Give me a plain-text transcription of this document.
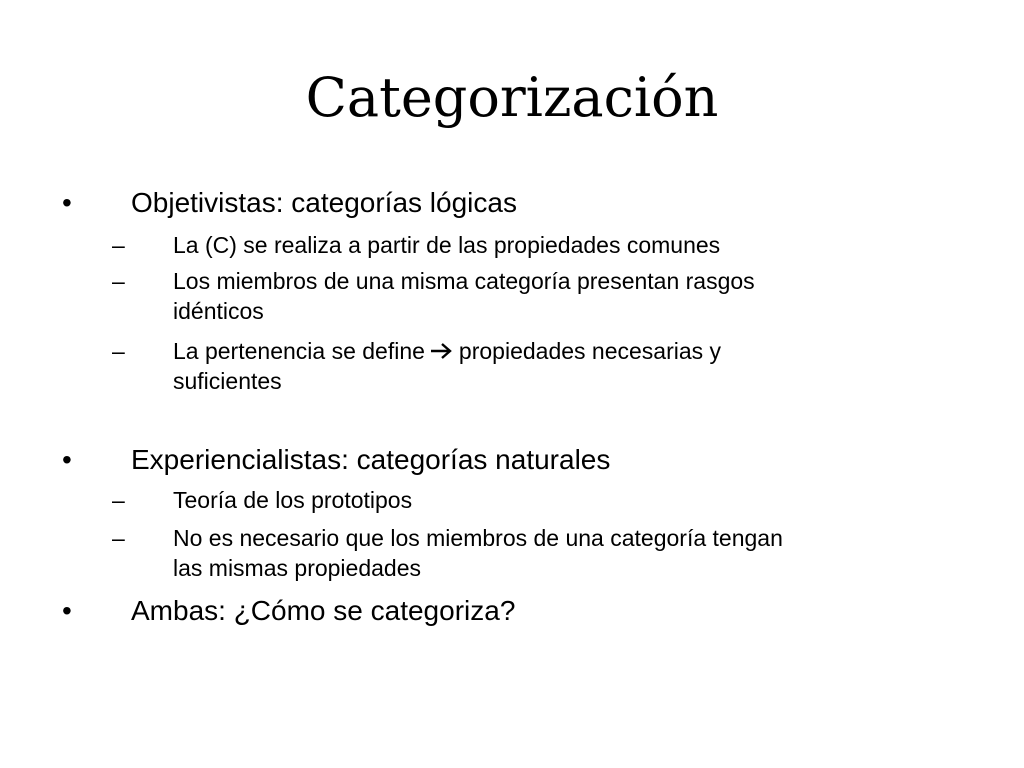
Categorización
• Objetivistas: categorías lógicas
– La (C) se realiza a partir de las propiedades comunes
– Los miembros de una misma categoría presentan rasgos
idénticos
– La pertenencia se define propiedades necesarias y
suficientes
• Experiencialistas: categorías naturales
– Teoría de los prototipos
– No es necesario que los miembros de una categoría tengan
las mismas propiedades
• Ambas: ¿Cómo se categoriza?
